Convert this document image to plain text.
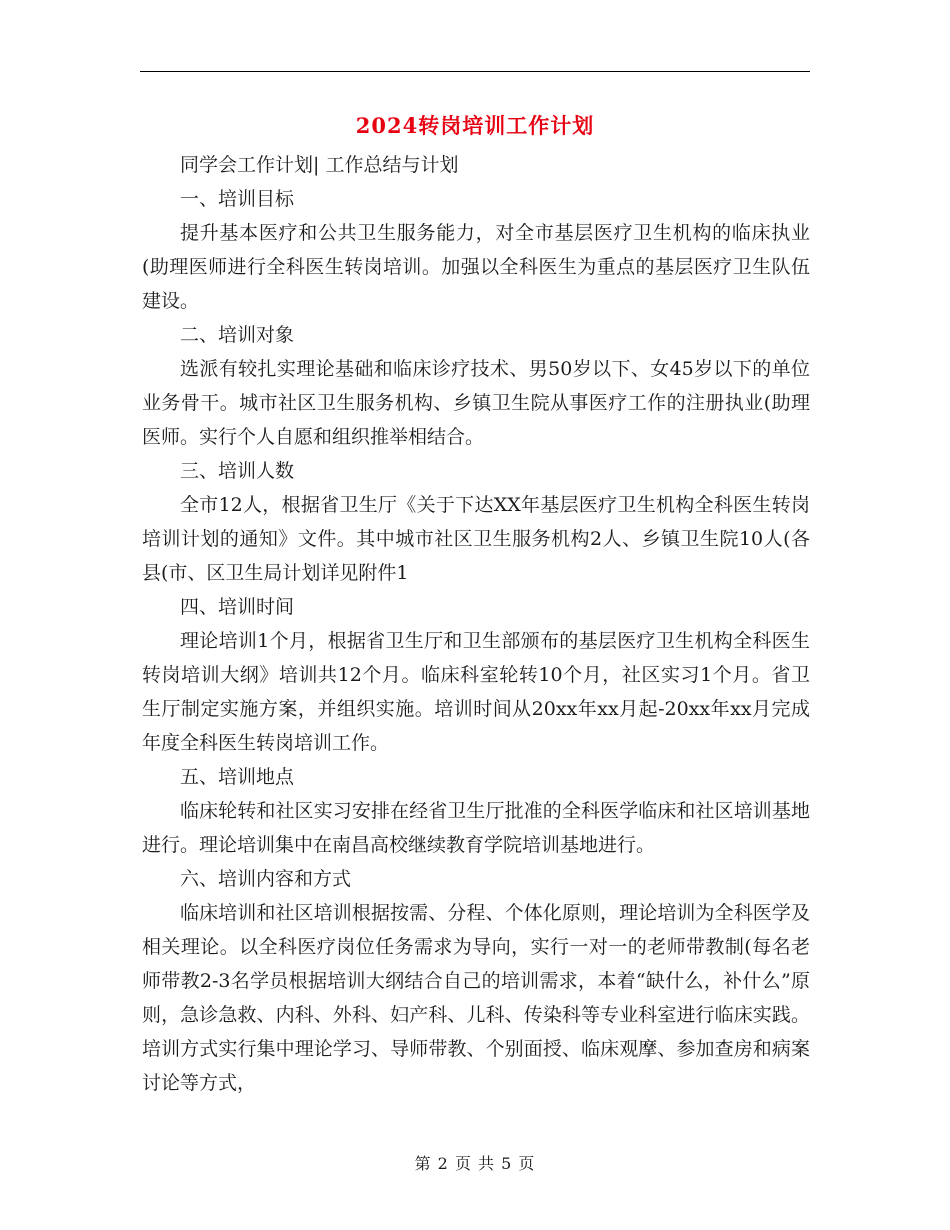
2024转岗培训工作计划

同学会工作计划| 工作总结与计划

一、培训目标

提升基本医疗和公共卫生服务能力，对全市基层医疗卫生机构的临床执业(助理医师进行全科医生转岗培训。加强以全科医生为重点的基层医疗卫生队伍建设。

二、培训对象

选派有较扎实理论基础和临床诊疗技术、男50岁以下、女45岁以下的单位业务骨干。城市社区卫生服务机构、乡镇卫生院从事医疗工作的注册执业(助理医师。实行个人自愿和组织推举相结合。

三、培训人数

全市12人，根据省卫生厅《关于下达XX年基层医疗卫生机构全科医生转岗培训计划的通知》文件。其中城市社区卫生服务机构2人、乡镇卫生院10人(各县(市、区卫生局计划详见附件1

四、培训时间

理论培训1个月，根据省卫生厅和卫生部颁布的基层医疗卫生机构全科医生转岗培训大纲》培训共12个月。临床科室轮转10个月，社区实习1个月。省卫生厅制定实施方案，并组织实施。培训时间从20xx年xx月起-20xx年xx月完成年度全科医生转岗培训工作。

五、培训地点

临床轮转和社区实习安排在经省卫生厅批准的全科医学临床和社区培训基地进行。理论培训集中在南昌高校继续教育学院培训基地进行。

六、培训内容和方式

临床培训和社区培训根据按需、分程、个体化原则，理论培训为全科医学及相关理论。以全科医疗岗位任务需求为导向，实行一对一的老师带教制(每名老师带教2-3名学员根据培训大纲结合自己的培训需求，本着“缺什么，补什么”原则，急诊急救、内科、外科、妇产科、儿科、传染科等专业科室进行临床实践。培训方式实行集中理论学习、导师带教、个别面授、临床观摩、参加查房和病案讨论等方式，

第 2 页 共 5 页
